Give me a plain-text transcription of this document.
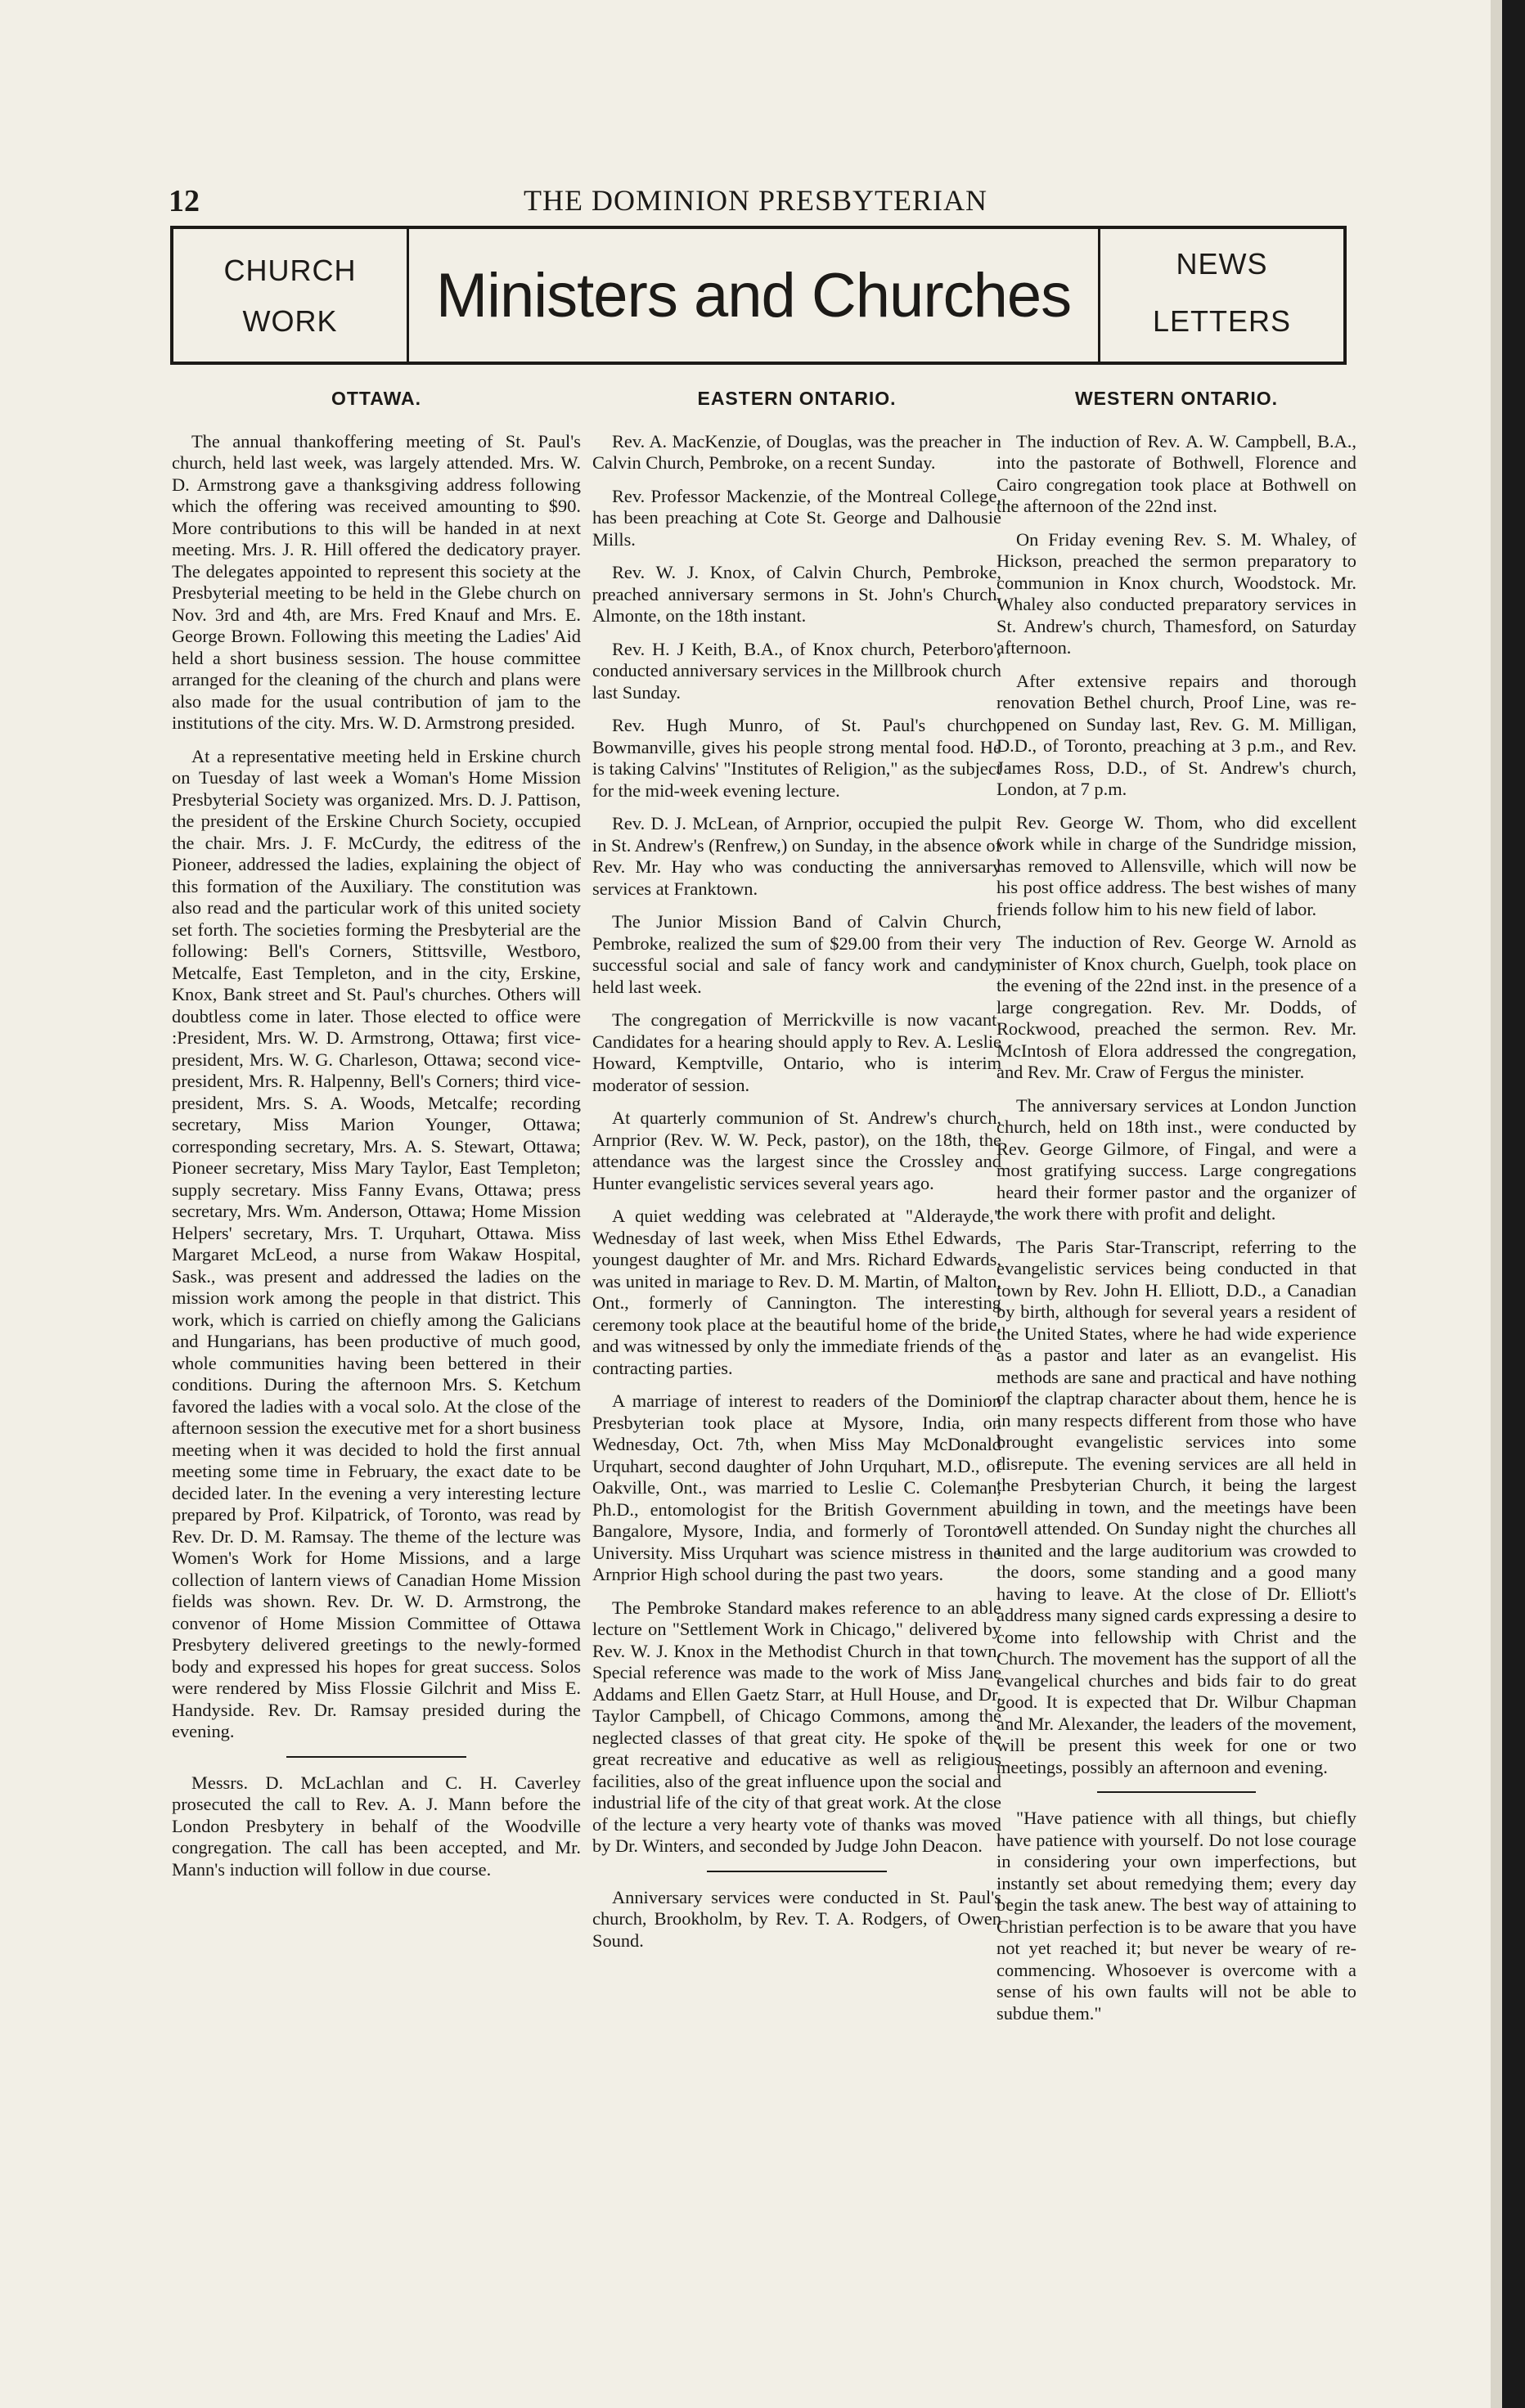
12	THE DOMINION PRESBYTERIAN
CHURCH
WORK	Ministers and Churches	NEWS
LETTERS
OTTAWA.

The annual thankoffering meeting of St. Paul's church, held last week, was largely attended. Mrs. W. D. Armstrong gave a thanksgiving address following which the offering was received amounting to $90. More contributions to this will be handed in at next meeting. Mrs. J. R. Hill offered the dedicatory prayer. The delegates appointed to represent this society at the Presbyterial meeting to be held in the Glebe church on Nov. 3rd and 4th, are Mrs. Fred Knauf and Mrs. E. George Brown. Following this meeting the Ladies' Aid held a short business session. The house committee arranged for the cleaning of the church and plans were also made for the usual contribution of jam to the institutions of the city. Mrs. W. D. Armstrong presided.

At a representative meeting held in Erskine church on Tuesday of last week a Woman's Home Mission Presbyterial Society was organized. Mrs. D. J. Pattison, the president of the Erskine Church Society, occupied the chair. Mrs. J. F. McCurdy, the editress of the Pioneer, addressed the ladies, explaining the object of this formation of the Auxiliary. The constitution was also read and the particular work of this united society set forth. The societies forming the Presbyterial are the following: Bell's Corners, Stittsville, Westboro, Metcalfe, East Templeton, and in the city, Erskine, Knox, Bank street and St. Paul's churches. Others will doubtless come in later. Those elected to office were :President, Mrs. W. D. Armstrong, Ottawa; first vice-president, Mrs. W. G. Charleson, Ottawa; second vice-president, Mrs. R. Halpenny, Bell's Corners; third vice-president, Mrs. S. A. Woods, Metcalfe; recording secretary, Miss Marion Younger, Ottawa; corresponding secretary, Mrs. A. S. Stewart, Ottawa; Pioneer secretary, Miss Mary Taylor, East Templeton; supply secretary. Miss Fanny Evans, Ottawa; press secretary, Mrs. Wm. Anderson, Ottawa; Home Mission Helpers' secretary, Mrs. T. Urquhart, Ottawa. Miss Margaret McLeod, a nurse from Wakaw Hospital, Sask., was present and addressed the ladies on the mission work among the people in that district. This work, which is carried on chiefly among the Galicians and Hungarians, has been productive of much good, whole communities having been bettered in their conditions. During the afternoon Mrs. S. Ketchum favored the ladies with a vocal solo. At the close of the afternoon session the executive met for a short business meeting when it was decided to hold the first annual meeting some time in February, the exact date to be decided later. In the evening a very interesting lecture prepared by Prof. Kilpatrick, of Toronto, was read by Rev. Dr. D. M. Ramsay. The theme of the lecture was Women's Work for Home Missions, and a large collection of lantern views of Canadian Home Mission fields was shown. Rev. Dr. W. D. Armstrong, the convenor of Home Mission Committee of Ottawa Presbytery delivered greetings to the newly-formed body and expressed his hopes for great success. Solos were rendered by Miss Flossie Gilchrit and Miss E. Handyside. Rev. Dr. Ramsay presided during the evening.

Messrs. D. McLachlan and C. H. Caverley prosecuted the call to Rev. A. J. Mann before the London Presbytery in behalf of the Woodville congregation. The call has been accepted, and Mr. Mann's induction will follow in due course.

EASTERN ONTARIO.

Rev. A. MacKenzie, of Douglas, was the preacher in Calvin Church, Pembroke, on a recent Sunday.

Rev. Professor Mackenzie, of the Montreal College, has been preaching at Cote St. George and Dalhousie Mills.

Rev. W. J. Knox, of Calvin Church, Pembroke, preached anniversary sermons in St. John's Church, Almonte, on the 18th instant.

Rev. H. J Keith, B.A., of Knox church, Peterboro', conducted anniversary services in the Millbrook church last Sunday.

Rev. Hugh Munro, of St. Paul's church, Bowmanville, gives his people strong mental food. He is taking Calvins' "Institutes of Religion," as the subject for the mid-week evening lecture.

Rev. D. J. McLean, of Arnprior, occupied the pulpit in St. Andrew's (Renfrew,) on Sunday, in the absence of Rev. Mr. Hay who was conducting the anniversary services at Franktown.

The Junior Mission Band of Calvin Church, Pembroke, realized the sum of $29.00 from their very successful social and sale of fancy work and candy, held last week.

The congregation of Merrickville is now vacant. Candidates for a hearing should apply to Rev. A. Leslie Howard, Kemptville, Ontario, who is interim moderator of session.

At quarterly communion of St. Andrew's church, Arnprior (Rev. W. W. Peck, pastor), on the 18th, the attendance was the largest since the Crossley and Hunter evangelistic services several years ago.

A quiet wedding was celebrated at "Alderayde," Wednesday of last week, when Miss Ethel Edwards, youngest daughter of Mr. and Mrs. Richard Edwards, was united in mariage to Rev. D. M. Martin, of Malton, Ont., formerly of Cannington. The interesting ceremony took place at the beautiful home of the bride, and was witnessed by only the immediate friends of the contracting parties.

A marriage of interest to readers of the Dominion Presbyterian took place at Mysore, India, on Wednesday, Oct. 7th, when Miss May McDonald Urquhart, second daughter of John Urquhart, M.D., of Oakville, Ont., was married to Leslie C. Coleman, Ph.D., entomologist for the British Government at Bangalore, Mysore, India, and formerly of Toronto University. Miss Urquhart was science mistress in the Arnprior High school during the past two years.

The Pembroke Standard makes reference to an able lecture on "Settlement Work in Chicago," delivered by Rev. W. J. Knox in the Methodist Church in that town. Special reference was made to the work of Miss Jane Addams and Ellen Gaetz Starr, at Hull House, and Dr. Taylor Campbell, of Chicago Commons, among the neglected classes of that great city. He spoke of the great recreative and educative as well as religious facilities, also of the great influence upon the social and industrial life of the city of that great work. At the close of the lecture a very hearty vote of thanks was moved by Dr. Winters, and seconded by Judge John Deacon.

Anniversary services were conducted in St. Paul's church, Brookholm, by Rev. T. A. Rodgers, of Owen Sound.

WESTERN ONTARIO.

The induction of Rev. A. W. Campbell, B.A., into the pastorate of Bothwell, Florence and Cairo congregation took place at Bothwell on the afternoon of the 22nd inst.

On Friday evening Rev. S. M. Whaley, of Hickson, preached the sermon preparatory to communion in Knox church, Woodstock. Mr. Whaley also conducted preparatory services in St. Andrew's church, Thamesford, on Saturday afternoon.

After extensive repairs and thorough renovation Bethel church, Proof Line, was re-opened on Sunday last, Rev. G. M. Milligan, D.D., of Toronto, preaching at 3 p.m., and Rev. James Ross, D.D., of St. Andrew's church, London, at 7 p.m.

Rev. George W. Thom, who did excellent work while in charge of the Sundridge mission, has removed to Allensville, which will now be his post office address. The best wishes of many friends follow him to his new field of labor.

The induction of Rev. George W. Arnold as minister of Knox church, Guelph, took place on the evening of the 22nd inst. in the presence of a large congregation. Rev. Mr. Dodds, of Rockwood, preached the sermon. Rev. Mr. McIntosh of Elora addressed the congregation, and Rev. Mr. Craw of Fergus the minister.

The anniversary services at London Junction church, held on 18th inst., were conducted by Rev. George Gilmore, of Fingal, and were a most gratifying success. Large congregations heard their former pastor and the organizer of the work there with profit and delight.

The Paris Star-Transcript, referring to the evangelistic services being conducted in that town by Rev. John H. Elliott, D.D., a Canadian by birth, although for several years a resident of the United States, where he had wide experience as a pastor and later as an evangelist. His methods are sane and practical and have nothing of the claptrap character about them, hence he is in many respects different from those who have brought evangelistic services into some disrepute. The evening services are all held in the Presbyterian Church, it being the largest building in town, and the meetings have been well attended. On Sunday night the churches all united and the large auditorium was crowded to the doors, some standing and a good many having to leave. At the close of Dr. Elliott's address many signed cards expressing a desire to come into fellowship with Christ and the Church. The movement has the support of all the evangelical churches and bids fair to do great good. It is expected that Dr. Wilbur Chapman and Mr. Alexander, the leaders of the movement, will be present this week for one or two meetings, possibly an afternoon and evening.

"Have patience with all things, but chiefly have patience with yourself. Do not lose courage in considering your own imperfections, but instantly set about remedying them; every day begin the task anew. The best way of attaining to Christian perfection is to be aware that you have not yet reached it; but never be weary of re-commencing. Whosoever is overcome with a sense of his own faults will not be able to subdue them."
